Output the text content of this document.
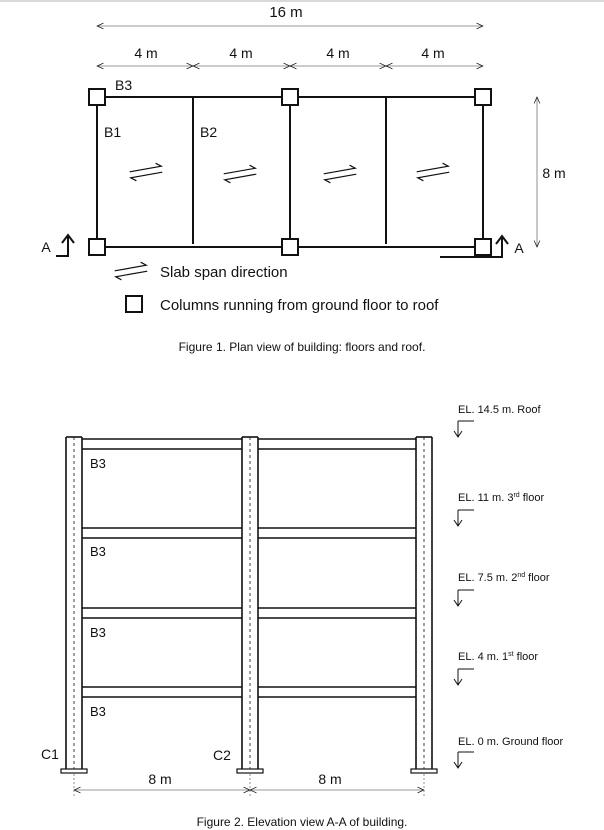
16 m
4 m	4 m	4 m	4 m
8 m
B3
B1	B2
A	A
Slab span direction
Columns running from ground floor to roof
B3
B3
B3
B3
C1	C2
EL. 14.5 m. Roof
EL. 11 m. 3rd floor
EL. 7.5 m. 2nd floor
EL. 4 m. 1st floor
EL. 0 m. Ground floor
8 m	8 m
Figure 1. Plan view of building: floors and roof.
Figure 2. Elevation view A-A of building.
